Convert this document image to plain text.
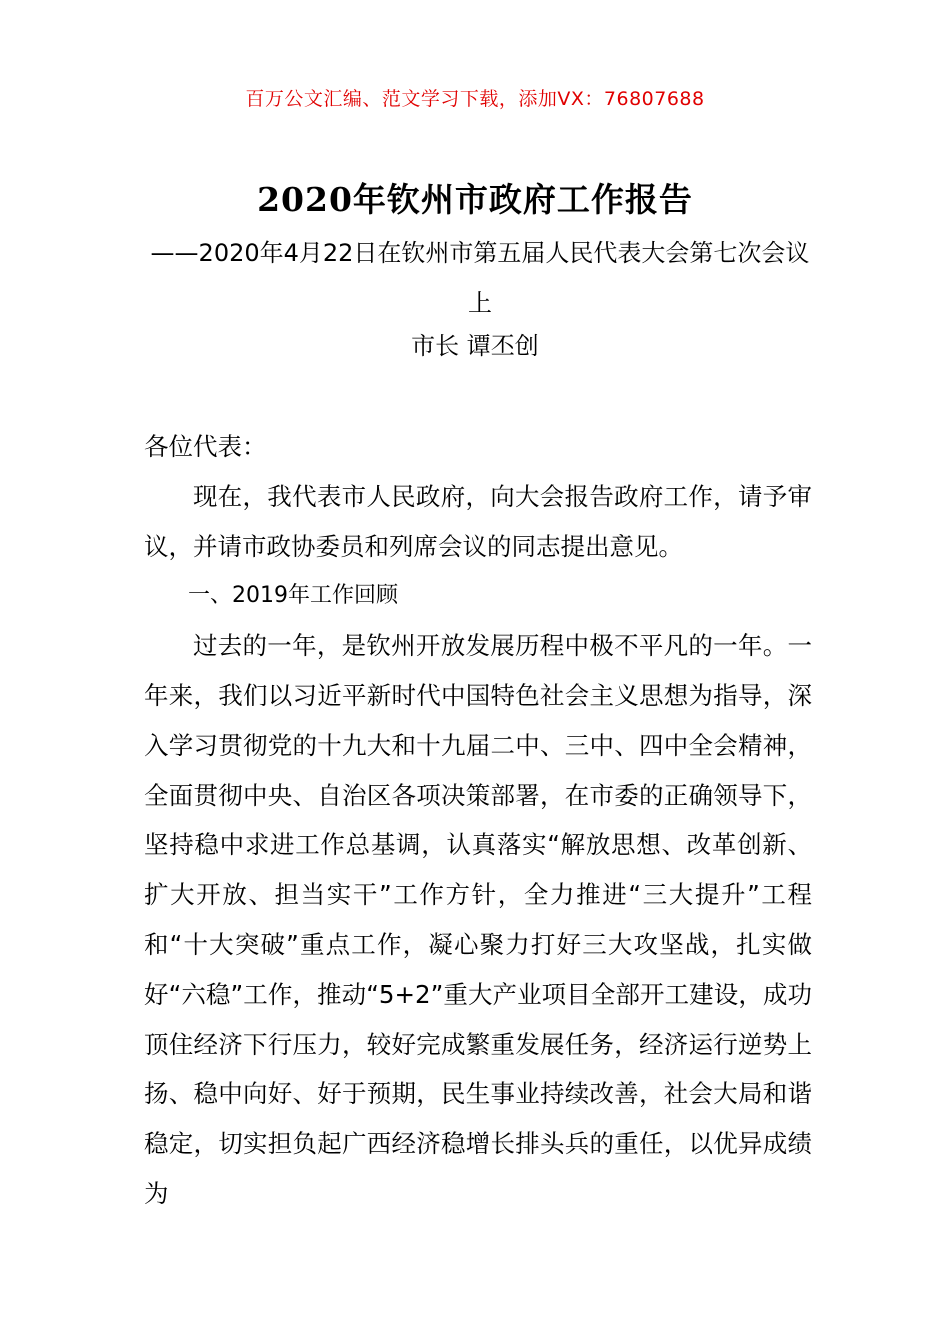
百万公文汇编、范文学习下载，添加VX：76807688
2020年钦州市政府工作报告
——2020年4月22日在钦州市第五届人民代表大会第七次会议上
市长 谭丕创

各位代表：

现在，我代表市人民政府，向大会报告政府工作，请予审议，并请市政协委员和列席会议的同志提出意见。

一、2019年工作回顾

过去的一年，是钦州开放发展历程中极不平凡的一年。一年来，我们以习近平新时代中国特色社会主义思想为指导，深入学习贯彻党的十九大和十九届二中、三中、四中全会精神，全面贯彻中央、自治区各项决策部署，在市委的正确领导下，坚持稳中求进工作总基调，认真落实“解放思想、改革创新、扩大开放、担当实干”工作方针，全力推进“三大提升”工程和“十大突破”重点工作，凝心聚力打好三大攻坚战，扎实做好“六稳”工作，推动“5+2”重大产业项目全部开工建设，成功顶住经济下行压力，较好完成繁重发展任务，经济运行逆势上扬、稳中向好、好于预期，民生事业持续改善，社会大局和谐稳定，切实担负起广西经济稳增长排头兵的重任，以优异成绩为
